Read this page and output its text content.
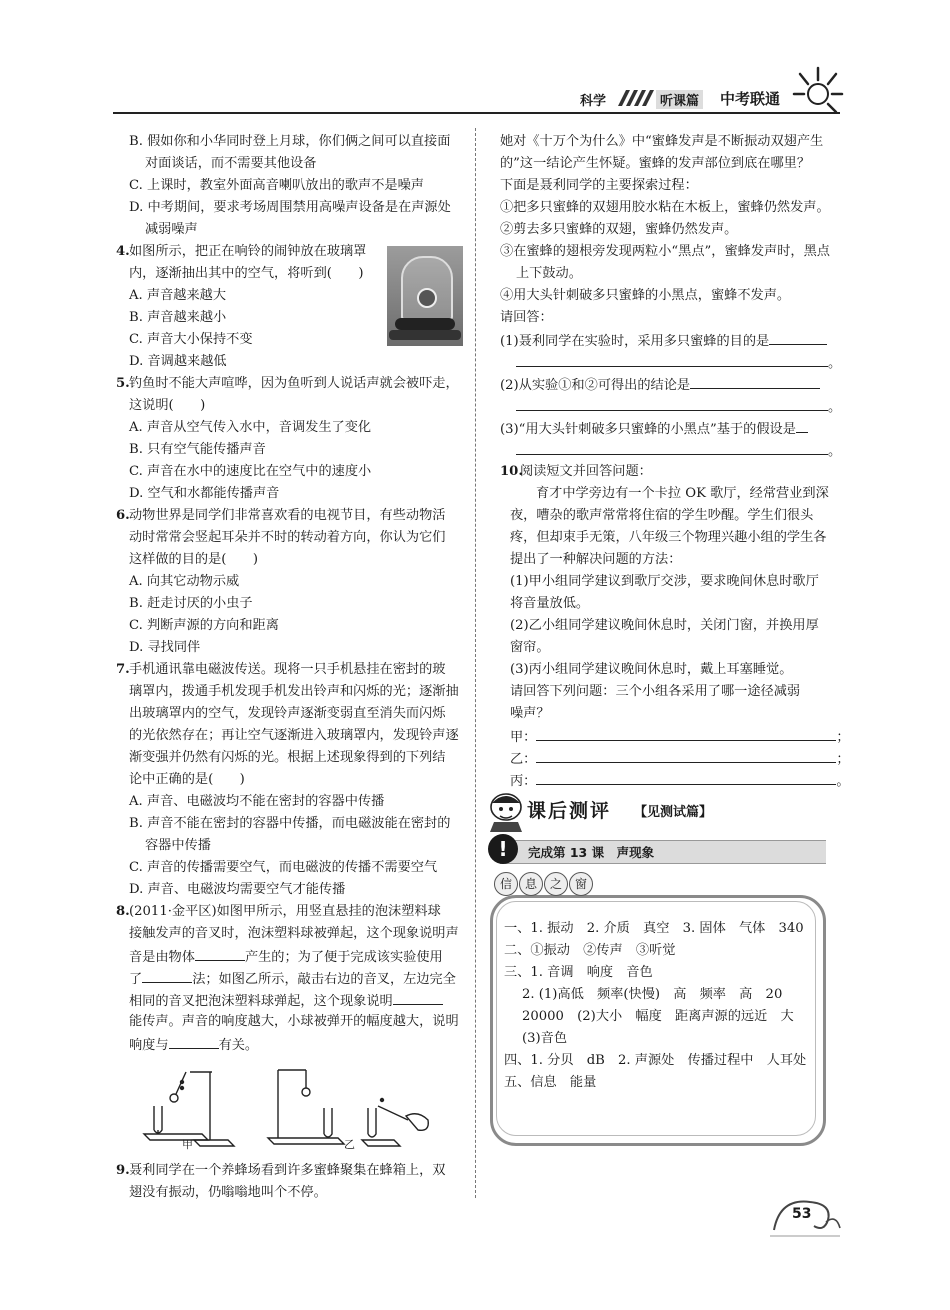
科学	听课篇 中考联通
B. 假如你和小华同时登上月球，你们俩之间可以直接面
对面谈话，而不需要其他设备
C. 上课时，教室外面高音喇叭放出的歌声不是噪声
D. 中考期间，要求考场周围禁用高噪声设备是在声源处
减弱噪声
4. 如图所示，把正在响铃的闹钟放在玻璃罩
内，逐渐抽出其中的空气，将听到(　　)
A. 声音越来越大
B. 声音越来越小
C. 声音大小保持不变
D. 音调越来越低
5. 钓鱼时不能大声喧哗，因为鱼听到人说话声就会被吓走，
这说明(　　)
A. 声音从空气传入水中，音调发生了变化
B. 只有空气能传播声音
C. 声音在水中的速度比在空气中的速度小
D. 空气和水都能传播声音
6. 动物世界是同学们非常喜欢看的电视节目，有些动物活
动时常常会竖起耳朵并不时的转动着方向，你认为它们
这样做的目的是(　　)
A. 向其它动物示威
B. 赶走讨厌的小虫子
C. 判断声源的方向和距离
D. 寻找同伴
7. 手机通讯靠电磁波传送。现将一只手机悬挂在密封的玻
璃罩内，拨通手机发现手机发出铃声和闪烁的光；逐渐抽
出玻璃罩内的空气，发现铃声逐渐变弱直至消失而闪烁
的光依然存在；再让空气逐渐进入玻璃罩内，发现铃声逐
渐变强并仍然有闪烁的光。根据上述现象得到的下列结
论中正确的是(　　)
A. 声音、电磁波均不能在密封的容器中传播
B. 声音不能在密封的容器中传播，而电磁波能在密封的
容器中传播
C. 声音的传播需要空气，而电磁波的传播不需要空气
D. 声音、电磁波均需要空气才能传播
8. (2011·金平区)如图甲所示，用竖直悬挂的泡沫塑料球
接触发声的音叉时，泡沫塑料球被弹起，这个现象说明声
音是由物体	产生的；为了便于完成该实验使用
了	法；如图乙所示，敲击右边的音叉，左边完全
相同的音叉把泡沫塑料球弹起，这个现象说明
能传声。声音的响度越大，小球被弹开的幅度越大，说明
响度与	有关。
甲	乙
9. 聂利同学在一个养蜂场看到许多蜜蜂聚集在蜂箱上，双
翅没有振动，仍嗡嗡地叫个不停。
她对《十万个为什么》中“蜜蜂发声是不断振动双翅产生
的”这一结论产生怀疑。蜜蜂的发声部位到底在哪里？
下面是聂利同学的主要探索过程：
①把多只蜜蜂的双翅用胶水粘在木板上，蜜蜂仍然发声。
②剪去多只蜜蜂的双翅，蜜蜂仍然发声。
③在蜜蜂的翅根旁发现两粒小“黑点”，蜜蜂发声时，黑点
上下鼓动。
④用大头针刺破多只蜜蜂的小黑点，蜜蜂不发声。
请回答：
(1)聂利同学在实验时，采用多只蜜蜂的目的是
。
(2)从实验①和②可得出的结论是
。
(3)“用大头针刺破多只蜜蜂的小黑点”基于的假设是
。
10.
阅读短文并回答问题：
育才中学旁边有一个卡拉 OK 歌厅，经常营业到深
夜，嘈杂的歌声常常将住宿的学生吵醒。学生们很头
疼，但却束手无策，八年级三个物理兴趣小组的学生各
提出了一种解决问题的方法：
(1)甲小组同学建议到歌厅交涉，要求晚间休息时歌厅
将音量放低。
(2)乙小组同学建议晚间休息时，关闭门窗，并换用厚
窗帘。
(3)丙小组同学建议晚间休息时，戴上耳塞睡觉。
请回答下列问题：三个小组各采用了哪一途径减弱
噪声？
甲：	；
乙：	；
丙：	。
课后测评 【见测试篇】
!	完成第 13 课　声现象
信	息	之	窗
一、1. 振动　2. 介质　真空　3. 固体　气体　340
二、①振动　②传声　③听觉
三、1. 音调　响度　音色
2. (1)高低　频率(快慢)　高　频率　高　20
20000　(2)大小　幅度　距离声源的远近　大
(3)音色
四、1. 分贝　dB　2. 声源处　传播过程中　人耳处
五、信息　能量
53
